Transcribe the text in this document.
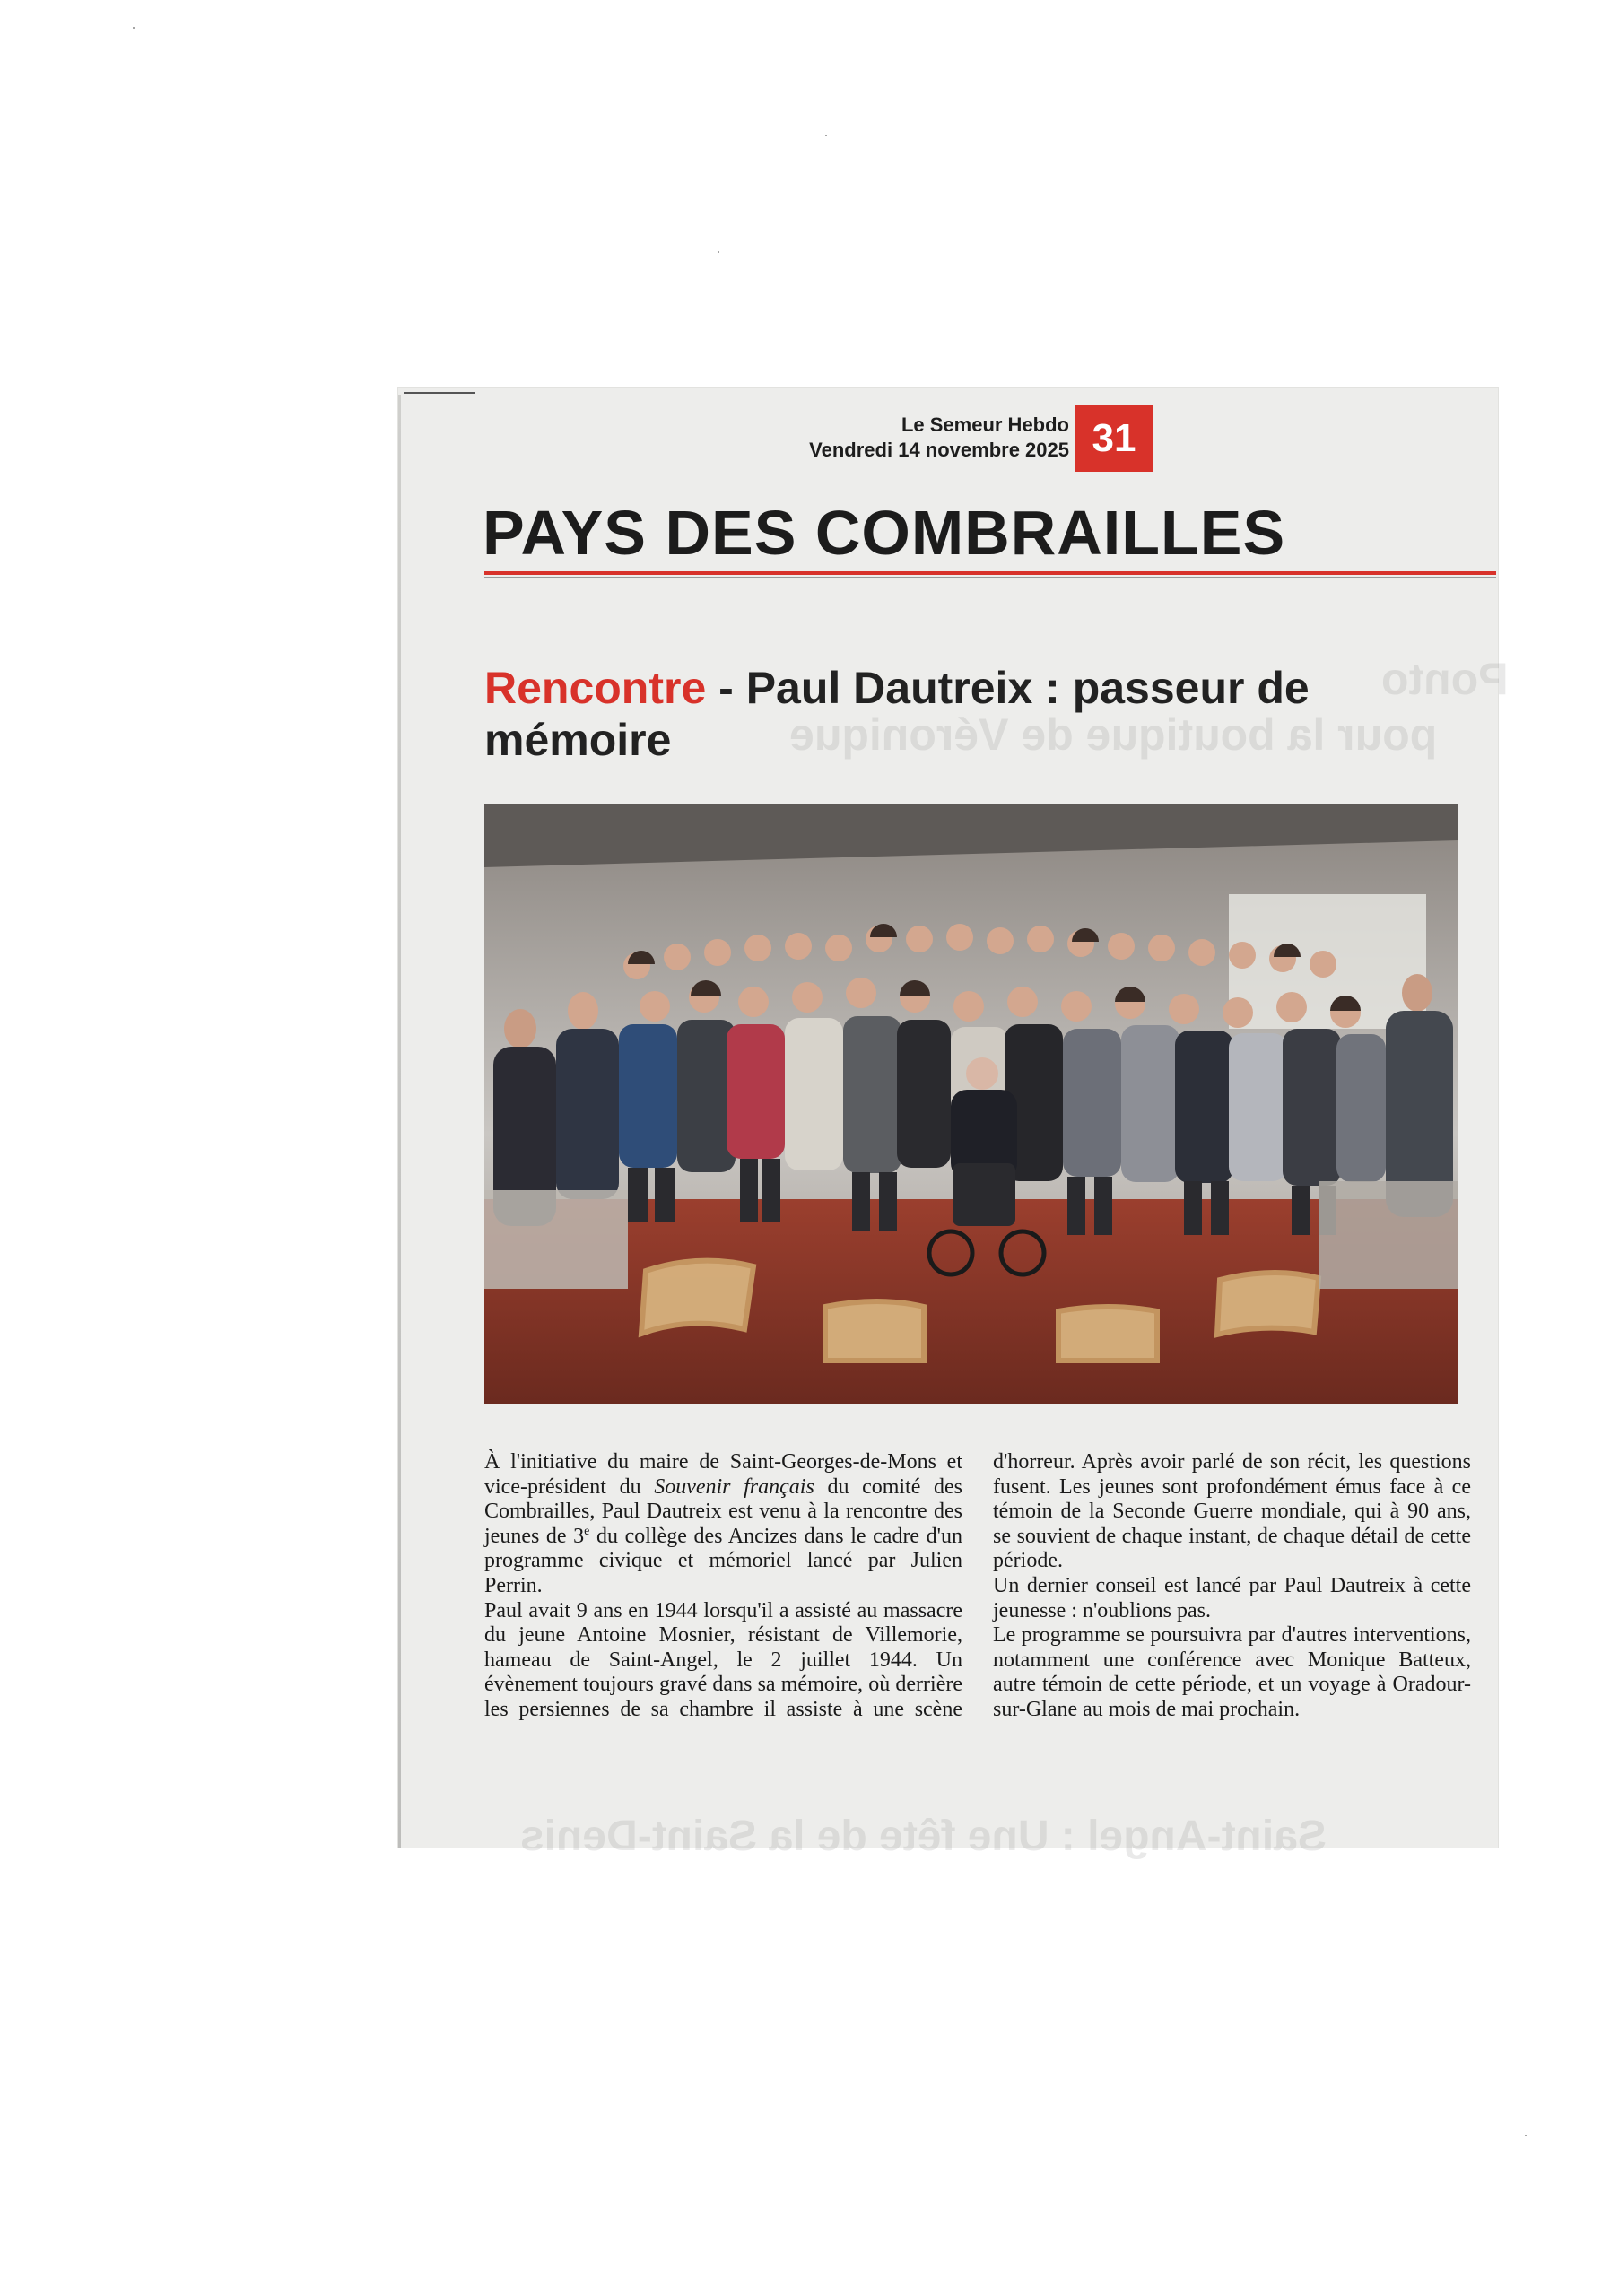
Ponto
pour la boutique de Véronique
Saint-Angel : Une fête de la Saint-Denis
Le Semeur Hebdo
Vendredi 14 novembre 2025 31
PAYS DES COMBRAILLES
Rencontre - Paul Dautreix : passeur de mémoire

À l'initiative du maire de Saint-Georges-de-Mons et vice-président du Souvenir français du comité des Combrailles, Paul Dautreix est venu à la rencontre des jeunes de 3e du collège des Ancizes dans le cadre d'un programme civique et mémoriel lancé par Julien Perrin.

Paul avait 9 ans en 1944 lorsqu'il a assisté au massacre du jeune Antoine Mosnier, résistant de Villemorie, hameau de Saint-Angel, le 2 juillet 1944. Un évènement toujours gravé dans sa mémoire, où derrière les persiennes de sa chambre il assiste à une scène d'horreur. Après avoir parlé de son récit, les questions fusent. Les jeunes sont profondément émus face à ce témoin de la Seconde Guerre mondiale, qui à 90 ans, se souvient de chaque instant, de chaque détail de cette période.

Un dernier conseil est lancé par Paul Dautreix à cette jeunesse : n'oublions pas.

Le programme se poursuivra par d'autres interventions, notamment une conférence avec Monique Batteux, autre témoin de cette période, et un voyage à Oradour-sur-Glane au mois de mai prochain.
